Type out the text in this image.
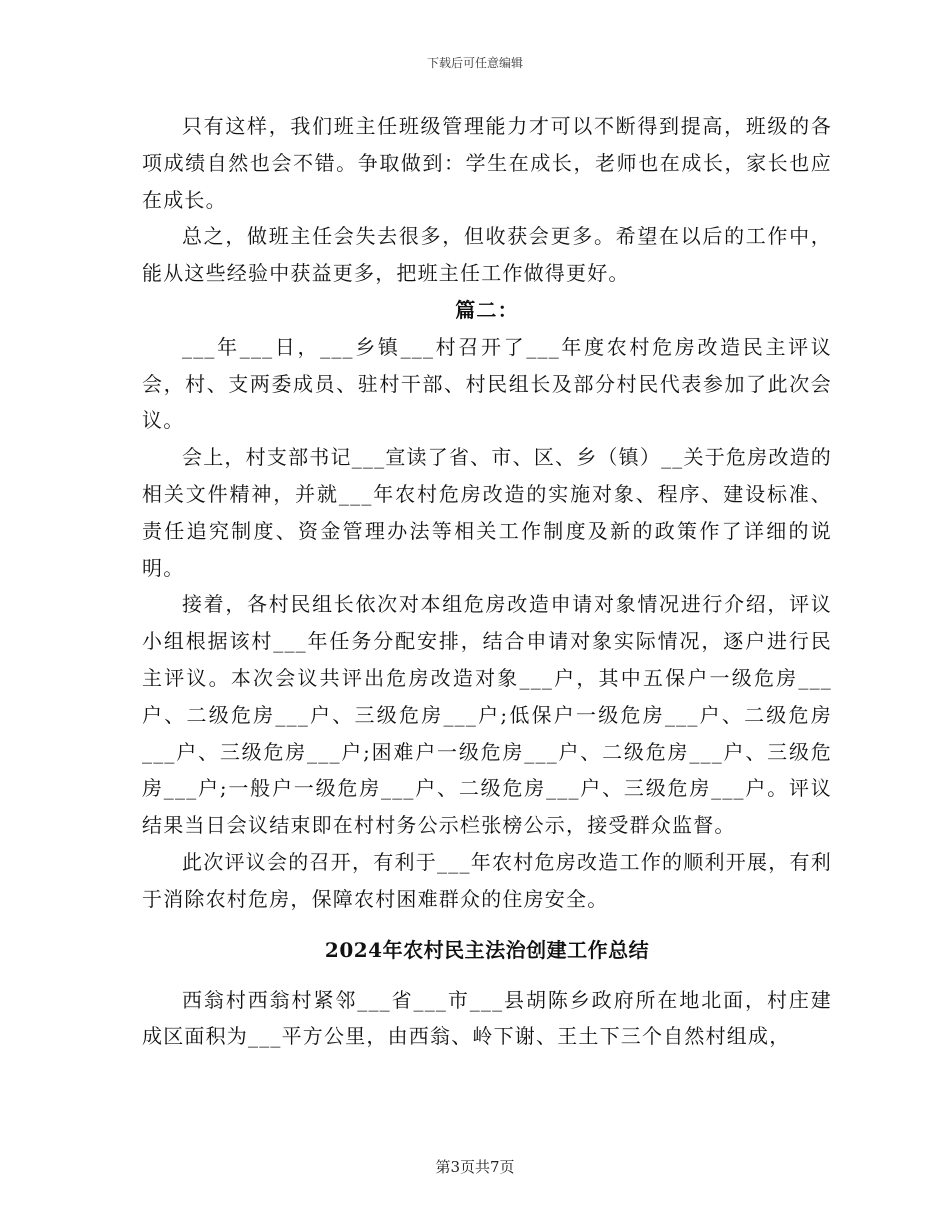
下载后可任意编辑

只有这样，我们班主任班级管理能力才可以不断得到提高，班级的各项成绩自然也会不错。争取做到：学生在成长，老师也在成长，家长也应在成长。

总之，做班主任会失去很多，但收获会更多。希望在以后的工作中，能从这些经验中获益更多，把班主任工作做得更好。

篇二：

___年___日，___乡镇___村召开了___年度农村危房改造民主评议会，村、支两委成员、驻村干部、村民组长及部分村民代表参加了此次会议。

会上，村支部书记___宣读了省、市、区、乡（镇）__关于危房改造的相关文件精神，并就___年农村危房改造的实施对象、程序、建设标准、责任追究制度、资金管理办法等相关工作制度及新的政策作了详细的说明。

接着，各村民组长依次对本组危房改造申请对象情况进行介绍，评议小组根据该村___年任务分配安排，结合申请对象实际情况，逐户进行民主评议。本次会议共评出危房改造对象___户，其中五保户一级危房___户、二级危房___户、三级危房___户;低保户一级危房___户、二级危房___户、三级危房___户;困难户一级危房___户、二级危房___户、三级危房___户;一般户一级危房___户、二级危房___户、三级危房___户。评议结果当日会议结束即在村村务公示栏张榜公示，接受群众监督。

此次评议会的召开，有利于___年农村危房改造工作的顺利开展，有利于消除农村危房，保障农村困难群众的住房安全。

2024年农村民主法治创建工作总结

西翁村西翁村紧邻___省___市___县胡陈乡政府所在地北面，村庄建成区面积为___平方公里，由西翁、岭下谢、王土下三个自然村组成，

第3页共7页
